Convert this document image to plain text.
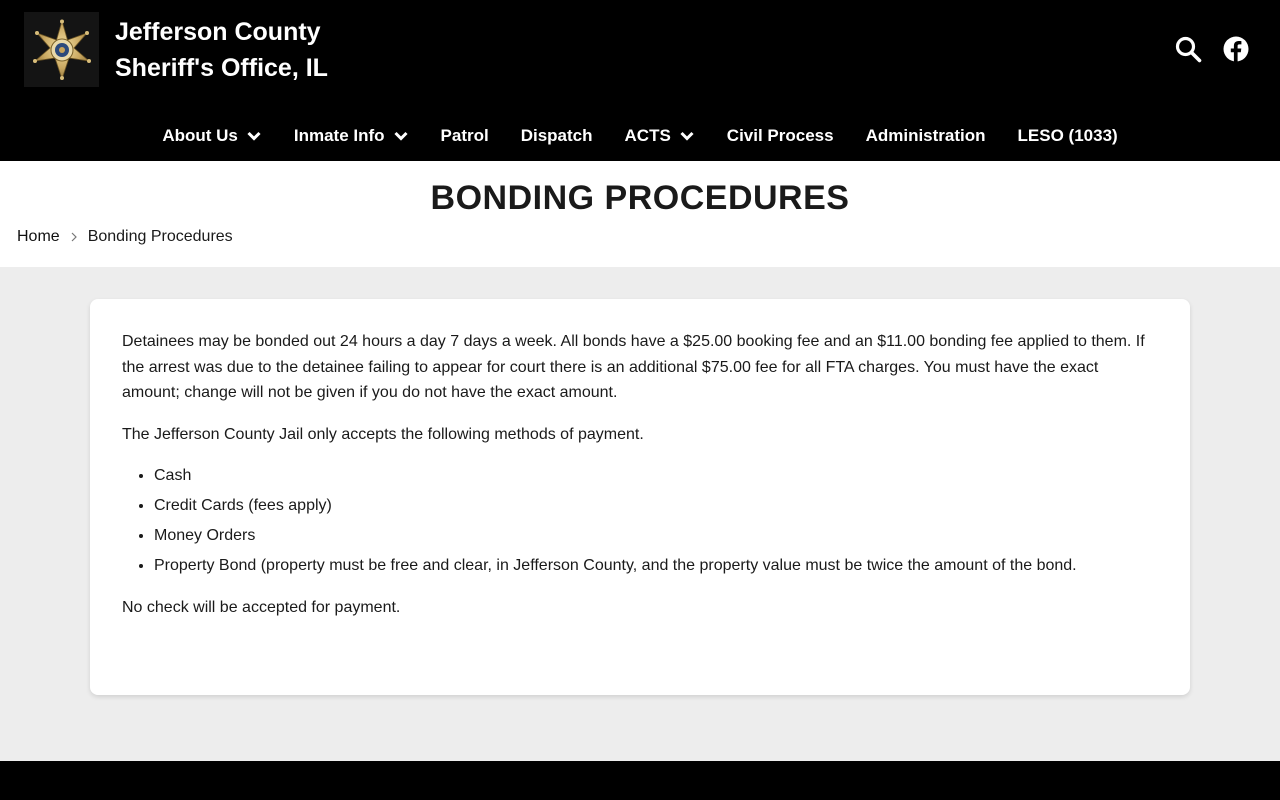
Jefferson County
Sheriff's Office, IL
About Us	Inmate Info	Patrol Dispatch ACTS	Civil Process Administration LESO (1033)
BONDING PROCEDURES
Home Bonding Procedures

Detainees may be bonded out 24 hours a day 7 days a week. All bonds have a $25.00 booking fee and an $11.00 bonding fee applied to them. If the arrest was due to the detainee failing to appear for court there is an additional $75.00 fee for all FTA charges. You must have the exact amount; change will not be given if you do not have the exact amount.

The Jefferson County Jail only accepts the following methods of payment.

• Cash
• Credit Cards (fees apply)
• Money Orders
• Property Bond (property must be free and clear, in Jefferson County, and the property value must be twice the amount of the bond.

No check will be accepted for payment.
